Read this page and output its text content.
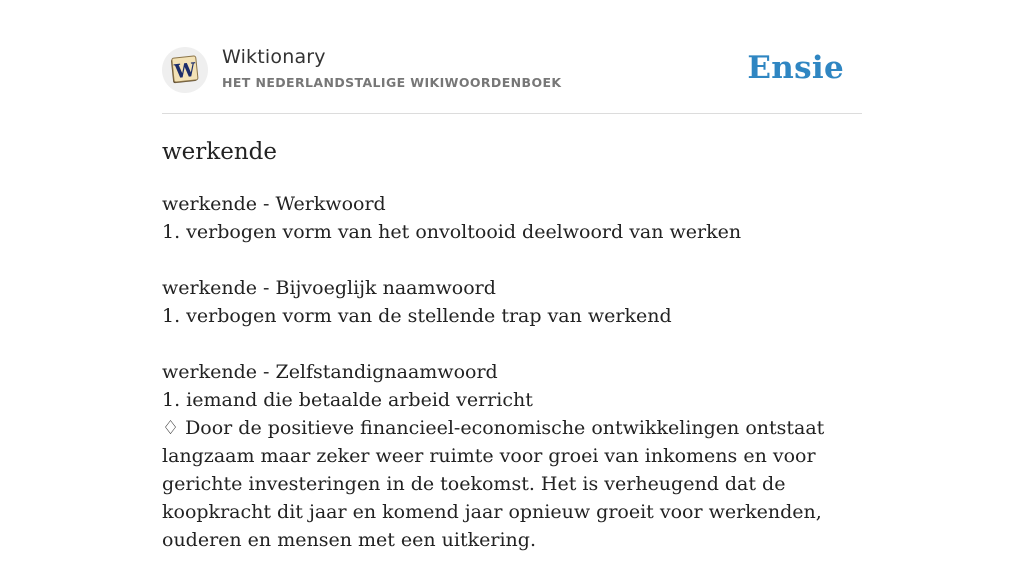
W
Wiktionary
HET NEDERLANDSTALIGE WIKIWOORDENBOEK	Ensie
werkende
werkende - Werkwoord
1. verbogen vorm van het onvoltooid deelwoord van werken
werkende - Bijvoeglijk naamwoord
1. verbogen vorm van de stellende trap van werkend
werkende - Zelfstandignaamwoord
1. iemand die betaalde arbeid verricht
♢ Door de positieve financieel-economische ontwikkelingen ontstaat langzaam maar zeker weer ruimte voor groei van inkomens en voor gerichte investeringen in de toekomst. Het is verheugend dat de koopkracht dit jaar en komend jaar opnieuw groeit voor werkenden, ouderen en mensen met een uitkering.
